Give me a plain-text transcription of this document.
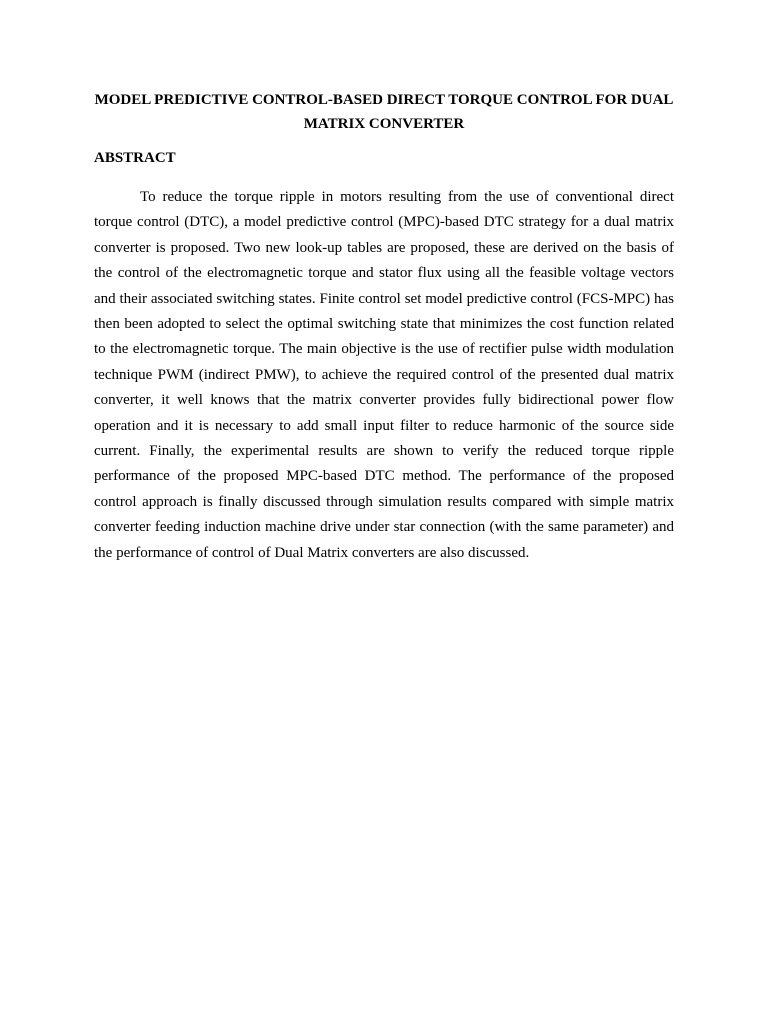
MODEL PREDICTIVE CONTROL-BASED DIRECT TORQUE CONTROL FOR DUAL MATRIX CONVERTER
ABSTRACT

To reduce the torque ripple in motors resulting from the use of conventional direct torque control (DTC), a model predictive control (MPC)-based DTC strategy for a dual matrix converter is proposed. Two new look-up tables are proposed, these are derived on the basis of the control of the electromagnetic torque and stator flux using all the feasible voltage vectors and their associated switching states. Finite control set model predictive control (FCS-MPC) has then been adopted to select the optimal switching state that minimizes the cost function related to the electromagnetic torque. The main objective is the use of rectifier pulse width modulation technique PWM (indirect PMW), to achieve the required control of the presented dual matrix converter, it well knows that the matrix converter provides fully bidirectional power flow operation and it is necessary to add small input filter to reduce harmonic of the source side current. Finally, the experimental results are shown to verify the reduced torque ripple performance of the proposed MPC-based DTC method. The performance of the proposed control approach is finally discussed through simulation results compared with simple matrix converter feeding induction machine drive under star connection (with the same parameter) and the performance of control of Dual Matrix converters are also discussed.
